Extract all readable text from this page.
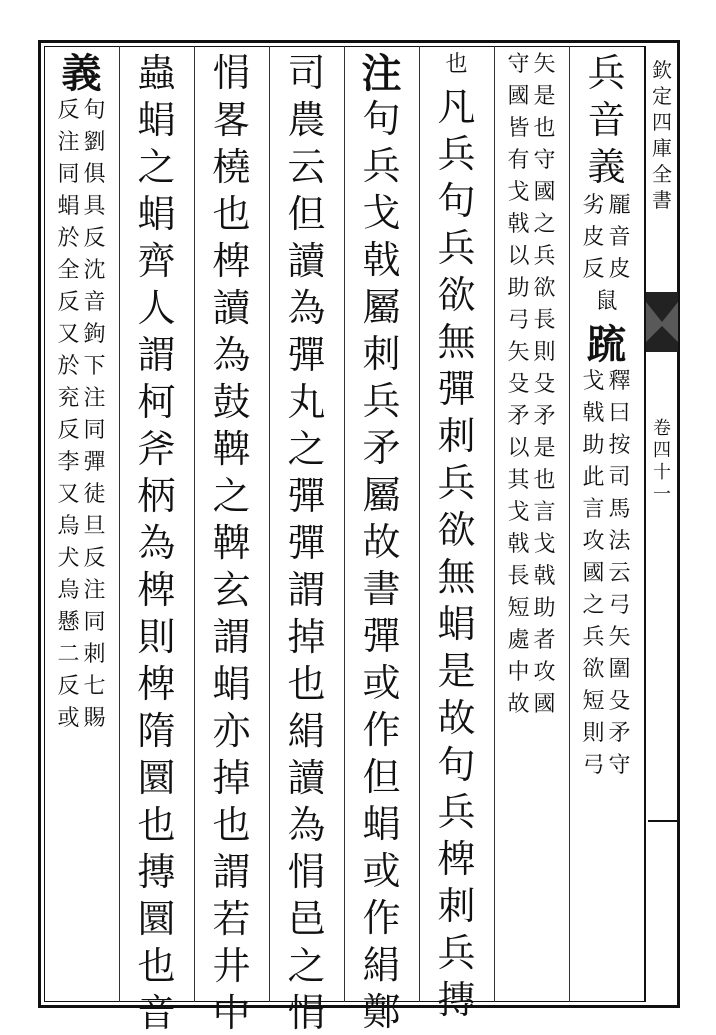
欽
定
四
庫
全
書
卷
四
十
一
兵
音
義
龎
音
皮
劣
皮
反
鼠
䟽
釋
曰
按
司
馬
法
云
弓
矢
圍
殳
矛
守
戈
戟
助
此
言
攻
國
之
兵
欲
短
則
弓
矢
是
也
守
國
之
兵
欲
長
則
殳
矛
是
也
言
戈
戟
助
者
攻
國
守
國
皆
有
戈
戟
以
助
弓
矢
殳
矛
以
其
戈
戟
長
短
處
中
故
也
凡
兵
句
兵
欲
無
彈
刺
兵
欲
無
蜎
是
故
句
兵
椑
刺
兵
摶
注
句
兵
戈
戟
屬
刺
兵
矛
屬
故
書
彈
或
作
但
蜎
或
作
絹
鄭
司
農
云
但
讀
為
彈
丸
之
彈
彈
謂
掉
也
絹
讀
為
悁
邑
之
悁
悁
畧
橈
也
椑
讀
為
鼓
鞞
之
鞞
玄
謂
蜎
亦
掉
也
謂
若
井
中
蟲
蜎
之
蜎
齊
人
謂
柯
斧
柄
為
椑
則
椑
隋
圜
也
摶
圜
也
音
義
句
劉
俱
具
反
沈
音
鉤
下
注
同
彈
徒
旦
反
注
同
刺
七
賜
反
注
同
蜎
於
全
反
又
於
兖
反
李
又
烏
犬
烏
懸
二
反
或
